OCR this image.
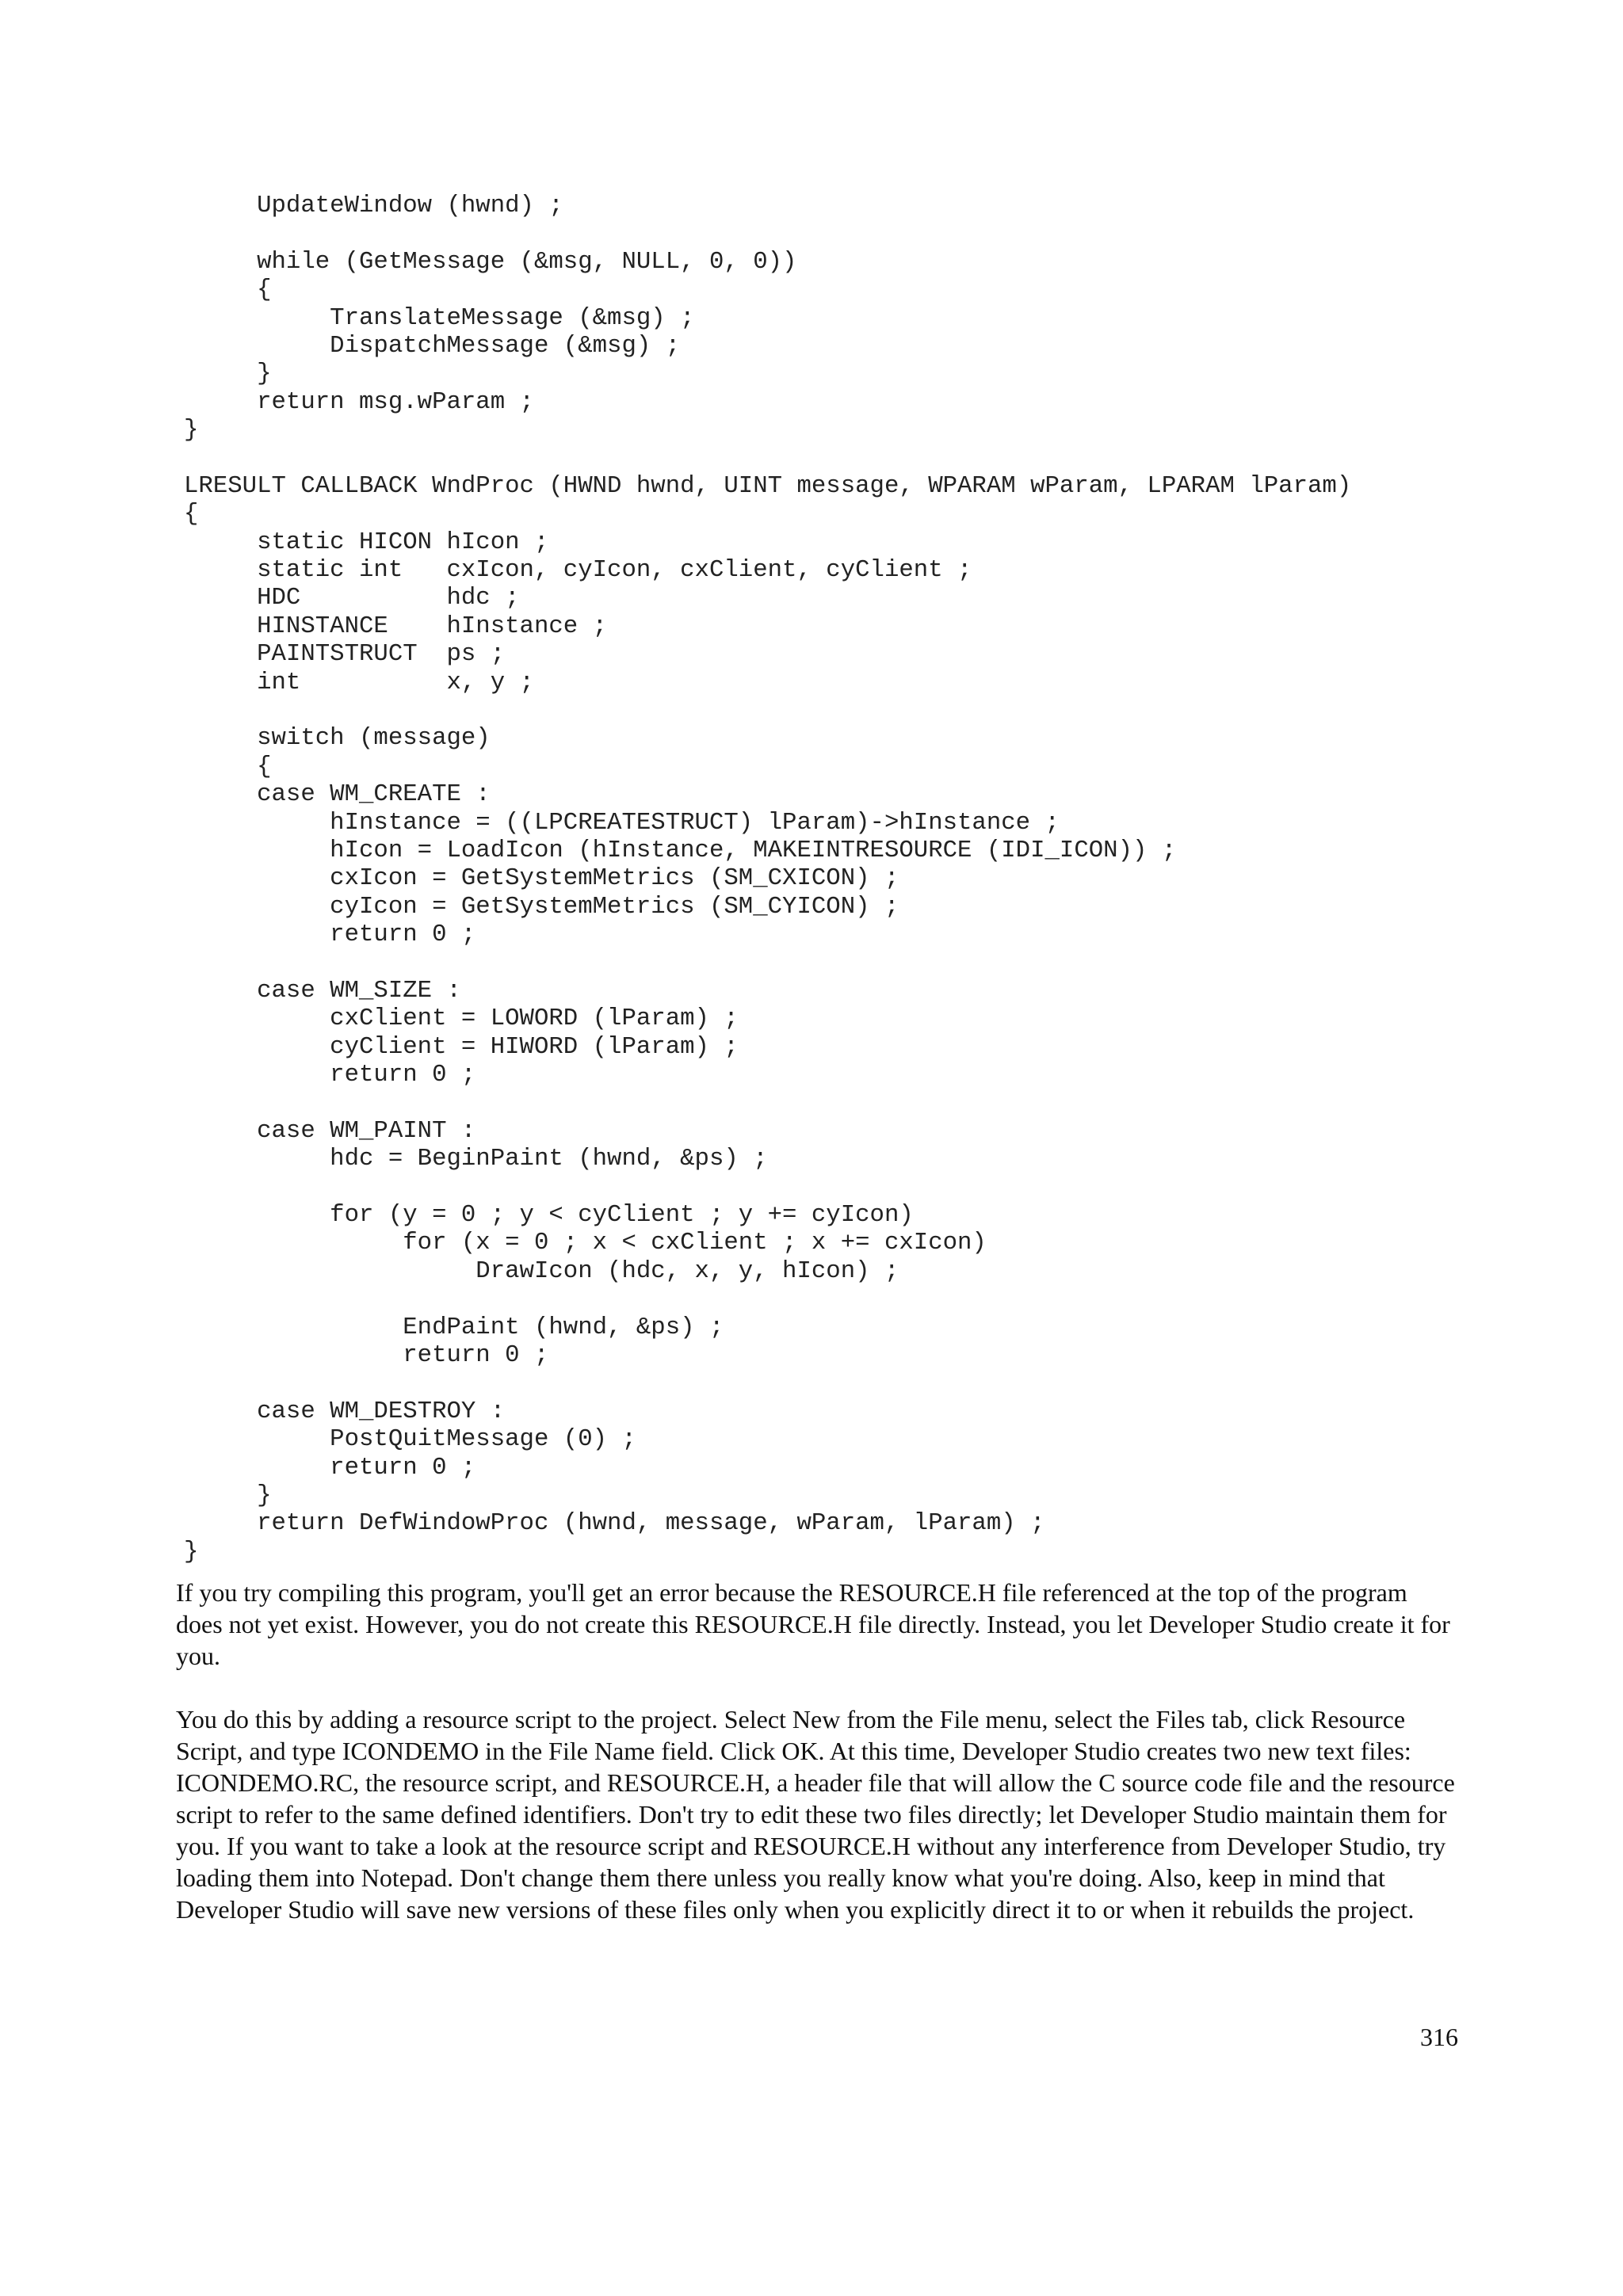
UpdateWindow (hwnd) ;
while (GetMessage (&msg, NULL, 0, 0))
{
TranslateMessage (&msg) ;
DispatchMessage (&msg) ;
}
return msg.wParam ;
}
LRESULT CALLBACK WndProc (HWND hwnd, UINT message, WPARAM wParam, LPARAM lParam)
{
static HICON hIcon ;
static int   cxIcon, cyIcon, cxClient, cyClient ;
HDC          hdc ;
HINSTANCE    hInstance ;
PAINTSTRUCT  ps ;
int          x, y ;
switch (message)
{
case WM_CREATE :
hInstance = ((LPCREATESTRUCT) lParam)->hInstance ;
hIcon = LoadIcon (hInstance, MAKEINTRESOURCE (IDI_ICON)) ;
cxIcon = GetSystemMetrics (SM_CXICON) ;
cyIcon = GetSystemMetrics (SM_CYICON) ;
return 0 ;
case WM_SIZE :
cxClient = LOWORD (lParam) ;
cyClient = HIWORD (lParam) ;
return 0 ;
case WM_PAINT :
hdc = BeginPaint (hwnd, &ps) ;
for (y = 0 ; y < cyClient ; y += cyIcon)
for (x = 0 ; x < cxClient ; x += cxIcon)
DrawIcon (hdc, x, y, hIcon) ;
EndPaint (hwnd, &ps) ;
return 0 ;
case WM_DESTROY :
PostQuitMessage (0) ;
return 0 ;
}
return DefWindowProc (hwnd, message, wParam, lParam) ;
}

If you try compiling this program, you'll get an error because the RESOURCE.H file referenced at the top of the program does not yet exist. However, you do not create this RESOURCE.H file directly. Instead, you let Developer Studio create it for you.

You do this by adding a resource script to the project. Select New from the File menu, select the Files tab, click Resource Script, and type ICONDEMO in the File Name field. Click OK. At this time, Developer Studio creates two new text files: ICONDEMO.RC, the resource script, and RESOURCE.H, a header file that will allow the C source code file and the resource script to refer to the same defined identifiers. Don't try to edit these two files directly; let Developer Studio maintain them for you. If you want to take a look at the resource script and RESOURCE.H without any interference from Developer Studio, try loading them into Notepad. Don't change them there unless you really know what you're doing. Also, keep in mind that Developer Studio will save new versions of these files only when you explicitly direct it to or when it rebuilds the project.

316
